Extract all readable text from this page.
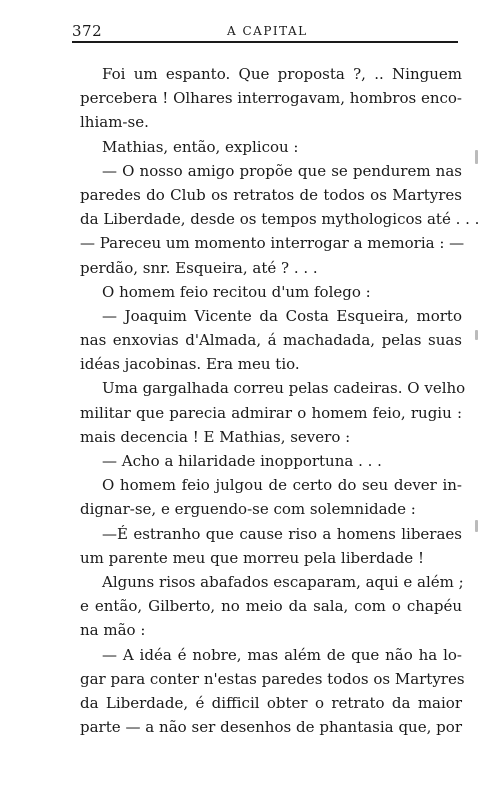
372	A CAPITAL
Foi um espanto. Que proposta ?, .. Ninguem
percebera ! Olhares interrogavam, hombros enco-
lhiam-se.
Mathias, então, explicou :
— O nosso amigo propõe que se pendurem nas
paredes do Club os retratos de todos os Martyres
da Liberdade, desde os tempos mythologicos até . . .
— Pareceu um momento interrogar a memoria : —
perdão, snr. Esqueira, até ? . . .
O homem feio recitou d'um folego :
— Joaquim Vicente da Costa Esqueira, morto
nas enxovias d'Almada, á machadada, pelas suas
idéas jacobinas. Era meu tio.
Uma gargalhada correu pelas cadeiras. O velho
militar que parecia admirar o homem feio, rugiu :
mais decencia ! E Mathias, severo :
— Acho a hilaridade inopportuna . . .
O homem feio julgou de certo do seu dever in-
dignar-se, e erguendo-se com solemnidade :
—É estranho que cause riso a homens liberaes
um parente meu que morreu pela liberdade !
Alguns risos abafados escaparam, aqui e além ;
e então, Gilberto, no meio da sala, com o chapéu
na mão :
— A idéa é nobre, mas além de que não ha lo-
gar para conter n'estas paredes todos os Martyres
da Liberdade, é difficil obter o retrato da maior
parte — a não ser desenhos de phantasia que, por
